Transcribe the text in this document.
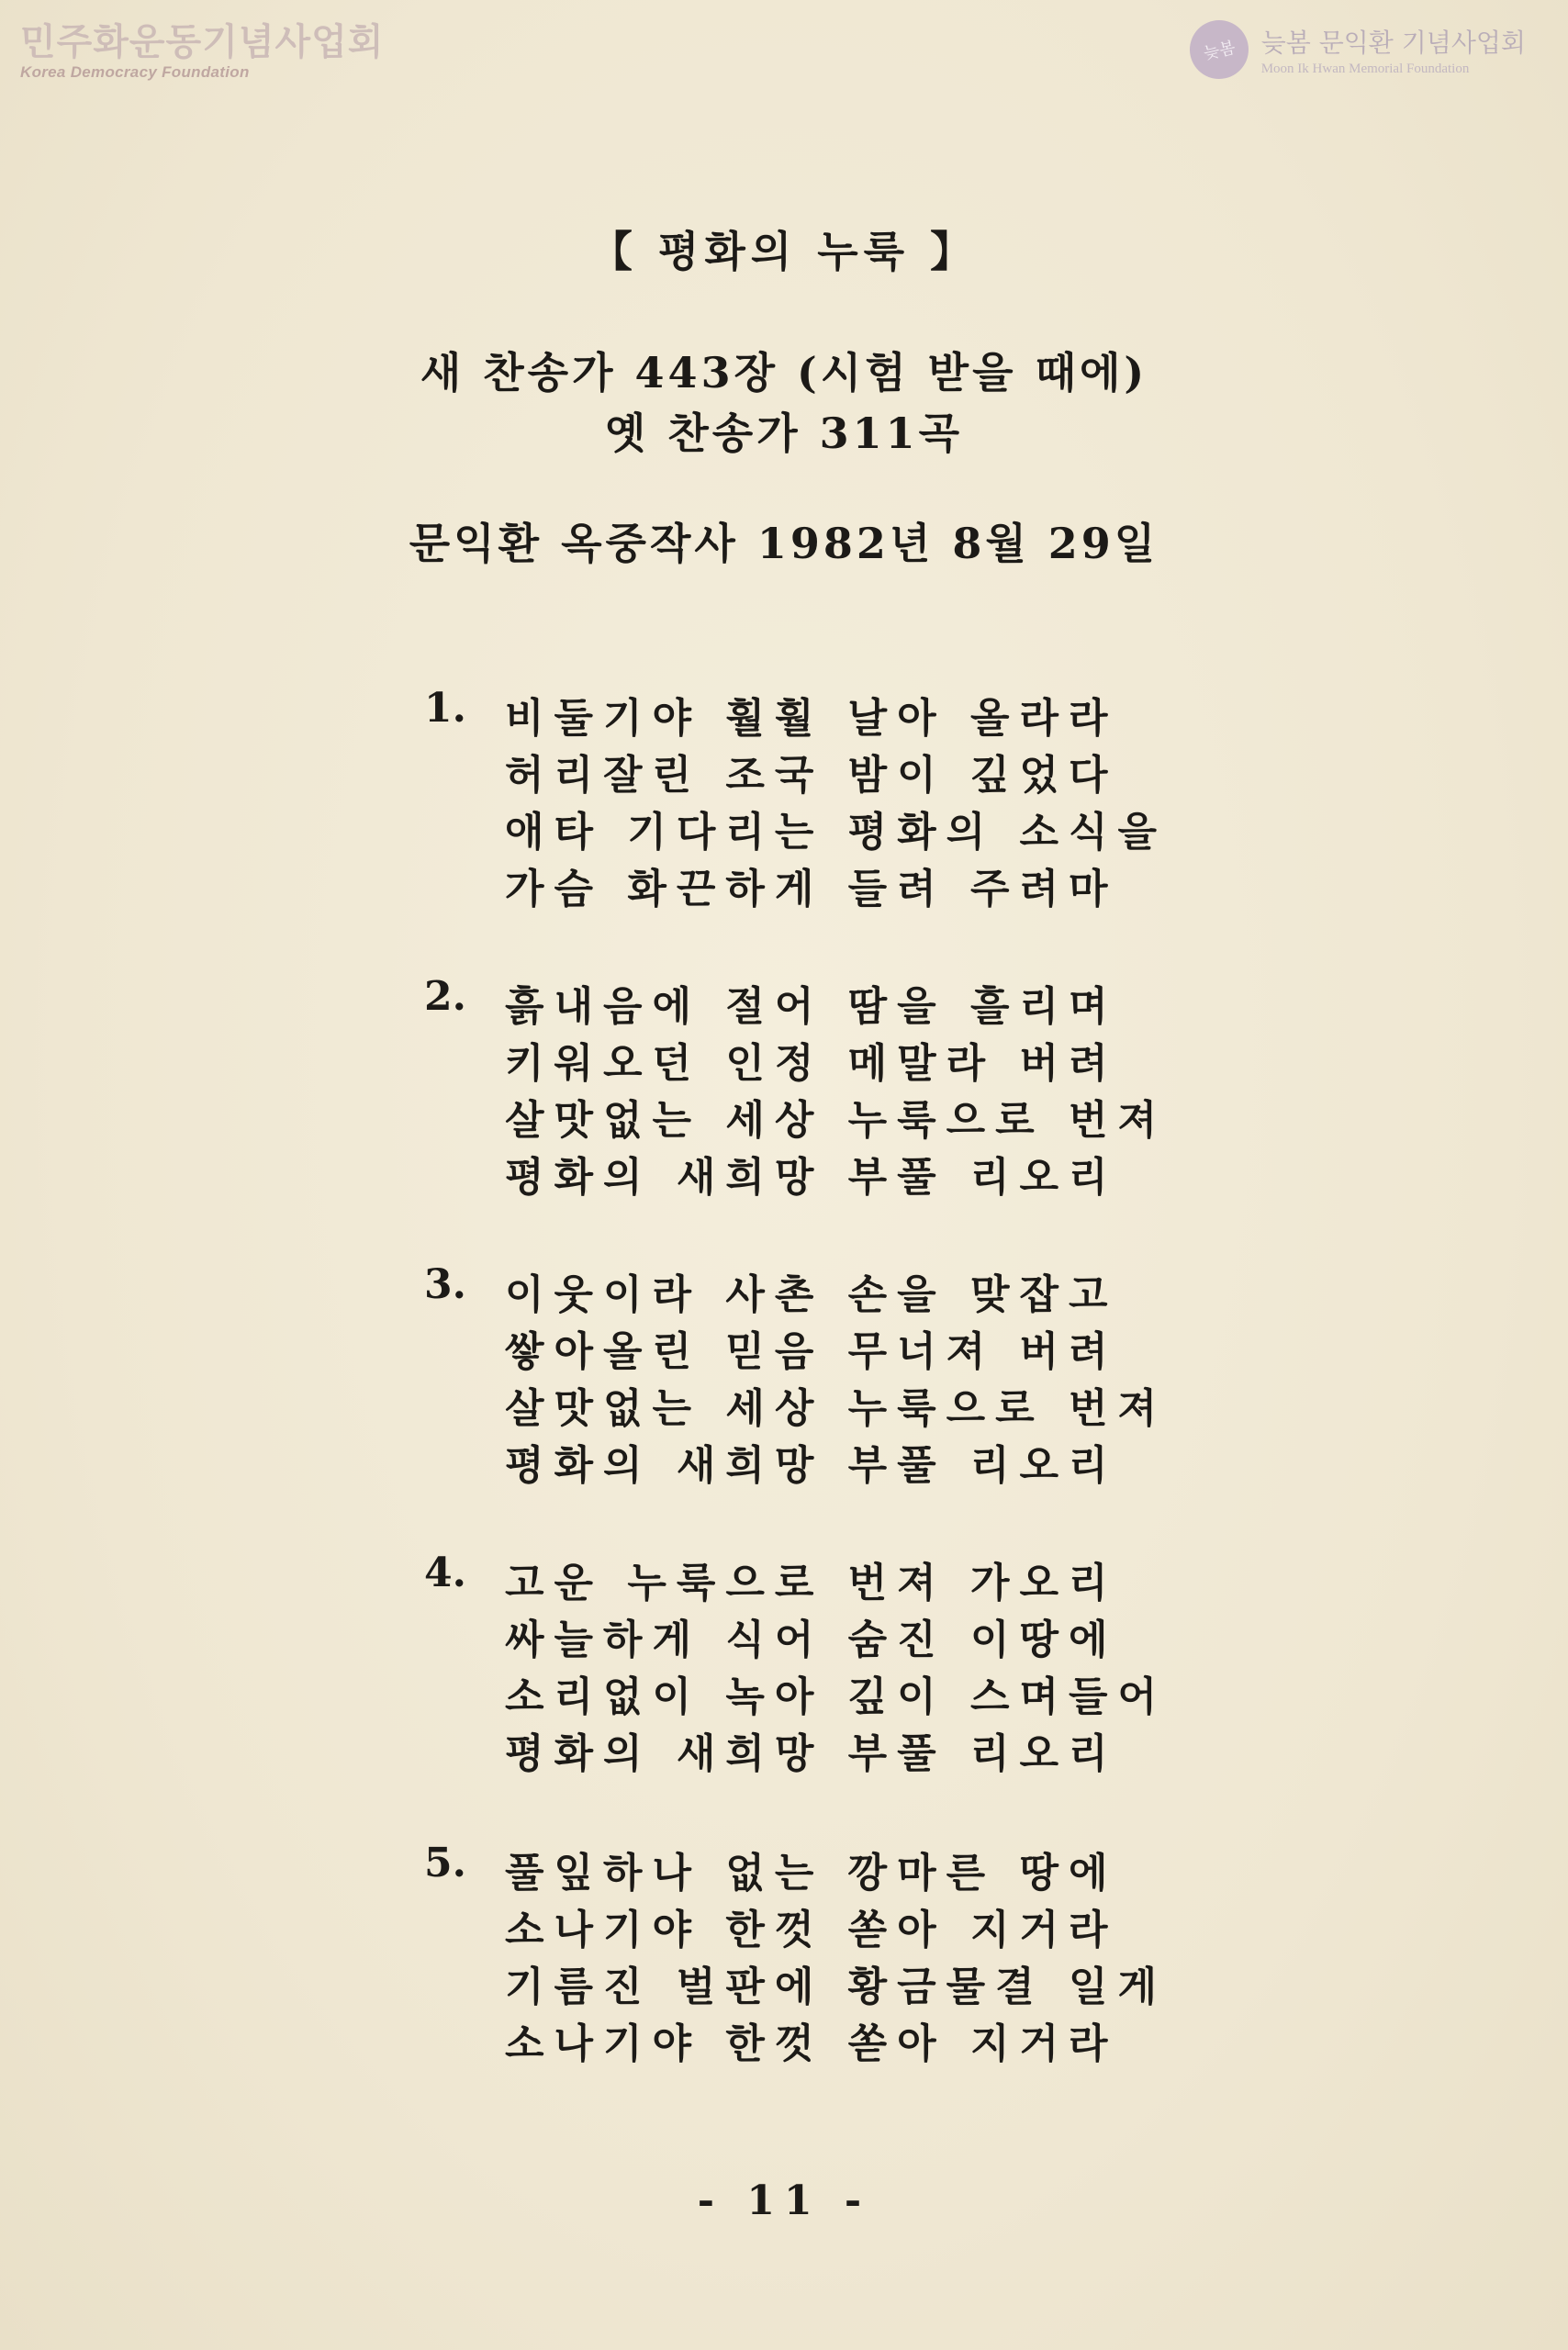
민주화운동기념사업회
Korea Democracy Foundation
늦봄 늦봄 문익환 기념사업회
Moon Ik Hwan Memorial Foundation
【 평화의 누룩 】
새 찬송가 443장 (시험 받을 때에)
옛 찬송가 311곡
문익환 옥중작사 1982년 8월 29일
1. 비둘기야 훨훨 날아 올라라
허리잘린 조국 밤이 깊었다
애타 기다리는 평화의 소식을
가슴 화끈하게 들려 주려마
2. 흙내음에 절어 땀을 흘리며
키워오던 인정 메말라 버려
살맛없는 세상 누룩으로 번져
평화의 새희망 부풀 리오리
3. 이웃이라 사촌 손을 맞잡고
쌓아올린 믿음 무너져 버려
살맛없는 세상 누룩으로 번져
평화의 새희망 부풀 리오리
4. 고운 누룩으로 번져 가오리
싸늘하게 식어 숨진 이땅에
소리없이 녹아 깊이 스며들어
평화의 새희망 부풀 리오리
5. 풀잎하나 없는 깡마른 땅에
소나기야 한껏 쏟아 지거라
기름진 벌판에 황금물결 일게
소나기야 한껏 쏟아 지거라
- 11 -
